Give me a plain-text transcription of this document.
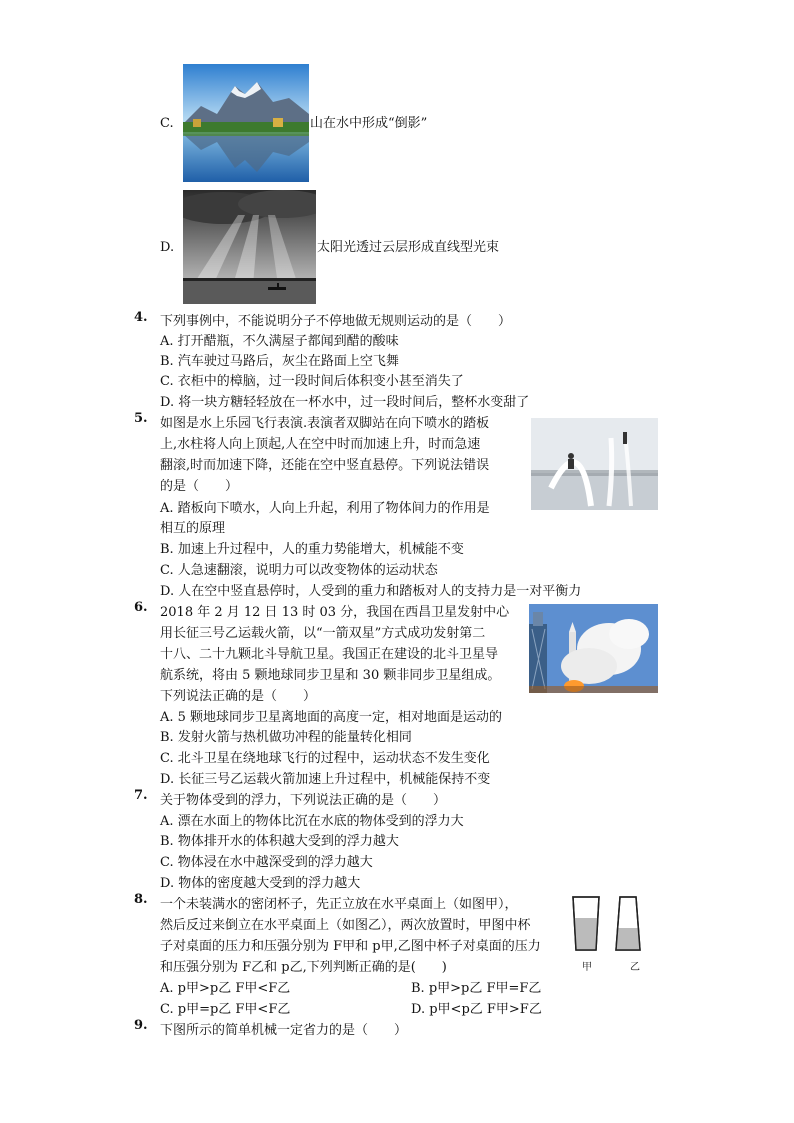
C.	山在水中形成“倒影”
D.	太阳光透过云层形成直线型光束
4. 下列事例中，不能说明分子不停地做无规则运动的是（　　）
A. 打开醋瓶，不久满屋子都闻到醋的酸味
B. 汽车驶过马路后，灰尘在路面上空飞舞
C. 衣柜中的樟脑，过一段时间后体积变小甚至消失了
D. 将一块方糖轻轻放在一杯水中，过一段时间后，整杯水变甜了
5. 如图是水上乐园飞行表演.表演者双脚站在向下喷水的踏板
上,水柱将人向上顶起,人在空中时而加速上升，时而急速
翻滚,时而加速下降，还能在空中竖直悬停。下列说法错误
的是（　　）
A. 踏板向下喷水，人向上升起，利用了物体间力的作用是
相互的原理
B. 加速上升过程中，人的重力势能增大，机械能不变
C. 人急速翻滚，说明力可以改变物体的运动状态
D. 人在空中竖直悬停时，人受到的重力和踏板对人的支持力是一对平衡力
6. 2018 年 2 月 12 日 13 时 03 分，我国在西昌卫星发射中心
用长征三号乙运载火箭，以“一箭双星”方式成功发射第二
十八、二十九颗北斗导航卫星。我国正在建设的北斗卫星导
航系统，将由 5 颗地球同步卫星和 30 颗非同步卫星组成。
下列说法正确的是（　　）
A. 5 颗地球同步卫星离地面的高度一定，相对地面是运动的
B. 发射火箭与热机做功冲程的能量转化相同
C. 北斗卫星在绕地球飞行的过程中，运动状态不发生变化
D. 长征三号乙运载火箭加速上升过程中，机械能保持不变
7. 关于物体受到的浮力，下列说法正确的是（　　）
A. 漂在水面上的物体比沉在水底的物体受到的浮力大
B. 物体排开水的体积越大受到的浮力越大
C. 物体浸在水中越深受到的浮力越大
D. 物体的密度越大受到的浮力越大
8. 一个未装满水的密闭杯子，先正立放在水平桌面上（如图甲），
然后反过来倒立在水平桌面上（如图乙），两次放置时，甲图中杯
子对桌面的压力和压强分别为 F甲和 p甲,乙图中杯子对桌面的压力
和压强分别为 F乙和 p乙,下列判断正确的是(　　)
A. p甲>p乙 F甲<F乙	B. p甲>p乙 F甲=F乙
C. p甲=p乙 F甲<F乙	D. p甲<p乙 F甲>F乙
甲	乙
9. 下图所示的简单机械一定省力的是（　　）
